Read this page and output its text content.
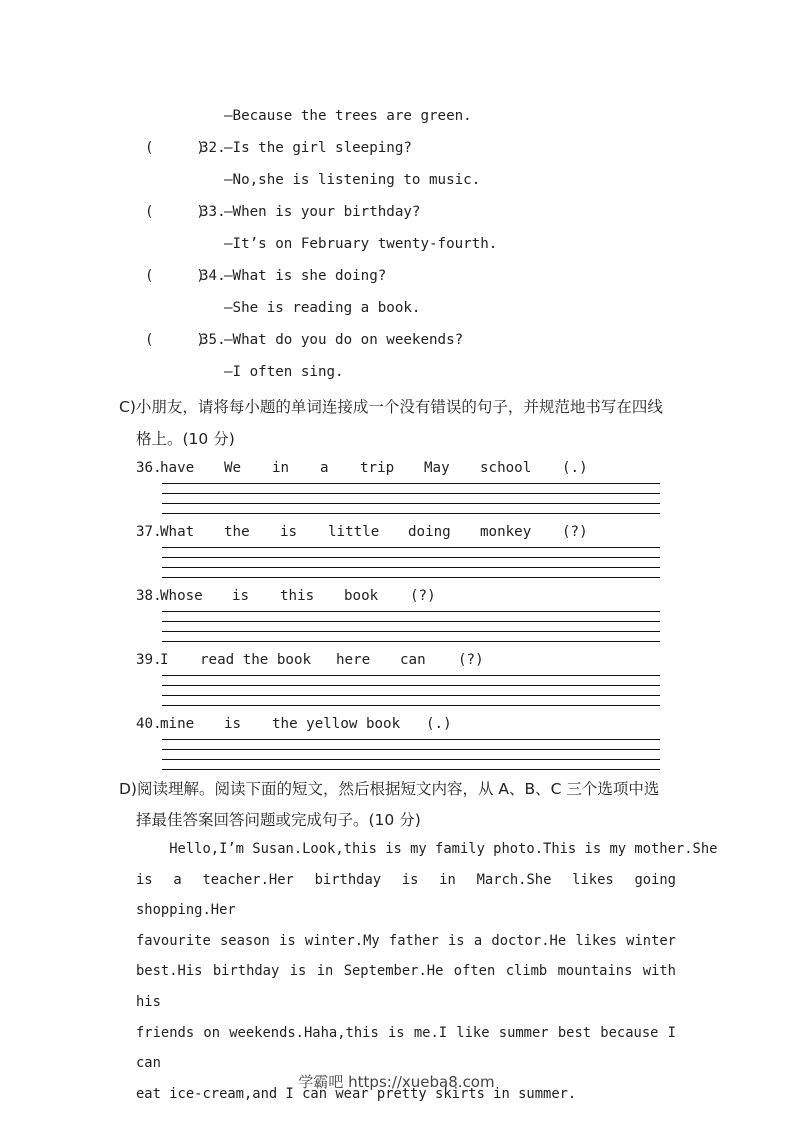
—Because the trees are green.
(     )
32.
—Is the girl sleeping?
—No,she is listening to music.
(     )
33.
—When is your birthday?
—It’s on February twenty-fourth.
(     )
34.
—What is she doing?
—She is reading a book.
(     )
35.
—What do you do on weekends?
—I often sing.
C)小朋友，请将每小题的单词连接成一个没有错误的句子，并规范地书写在四线
格上。(10 分)
36.
have We in a trip May school (.)
37.
What the is little doing monkey (?)
38.
Whose is this book (?)
39.
I read the book here can (?)
40.
mine is the yellow book (.)
D)阅读理解。阅读下面的短文，然后根据短文内容，从 A、B、C 三个选项中选
择最佳答案回答问题或完成句子。(10 分)
Hello,I’m Susan.Look,this is my family photo.This is my mother.She
is a teacher.Her birthday is in March.She likes going shopping.Her
favourite season is winter.My father is a doctor.He likes winter
best.His birthday is in September.He often climb mountains with his
friends on weekends.Haha,this is me.I like summer best because I can
eat ice-cream,and I can wear pretty skirts in summer.
学霸吧 https://xueba8.com
